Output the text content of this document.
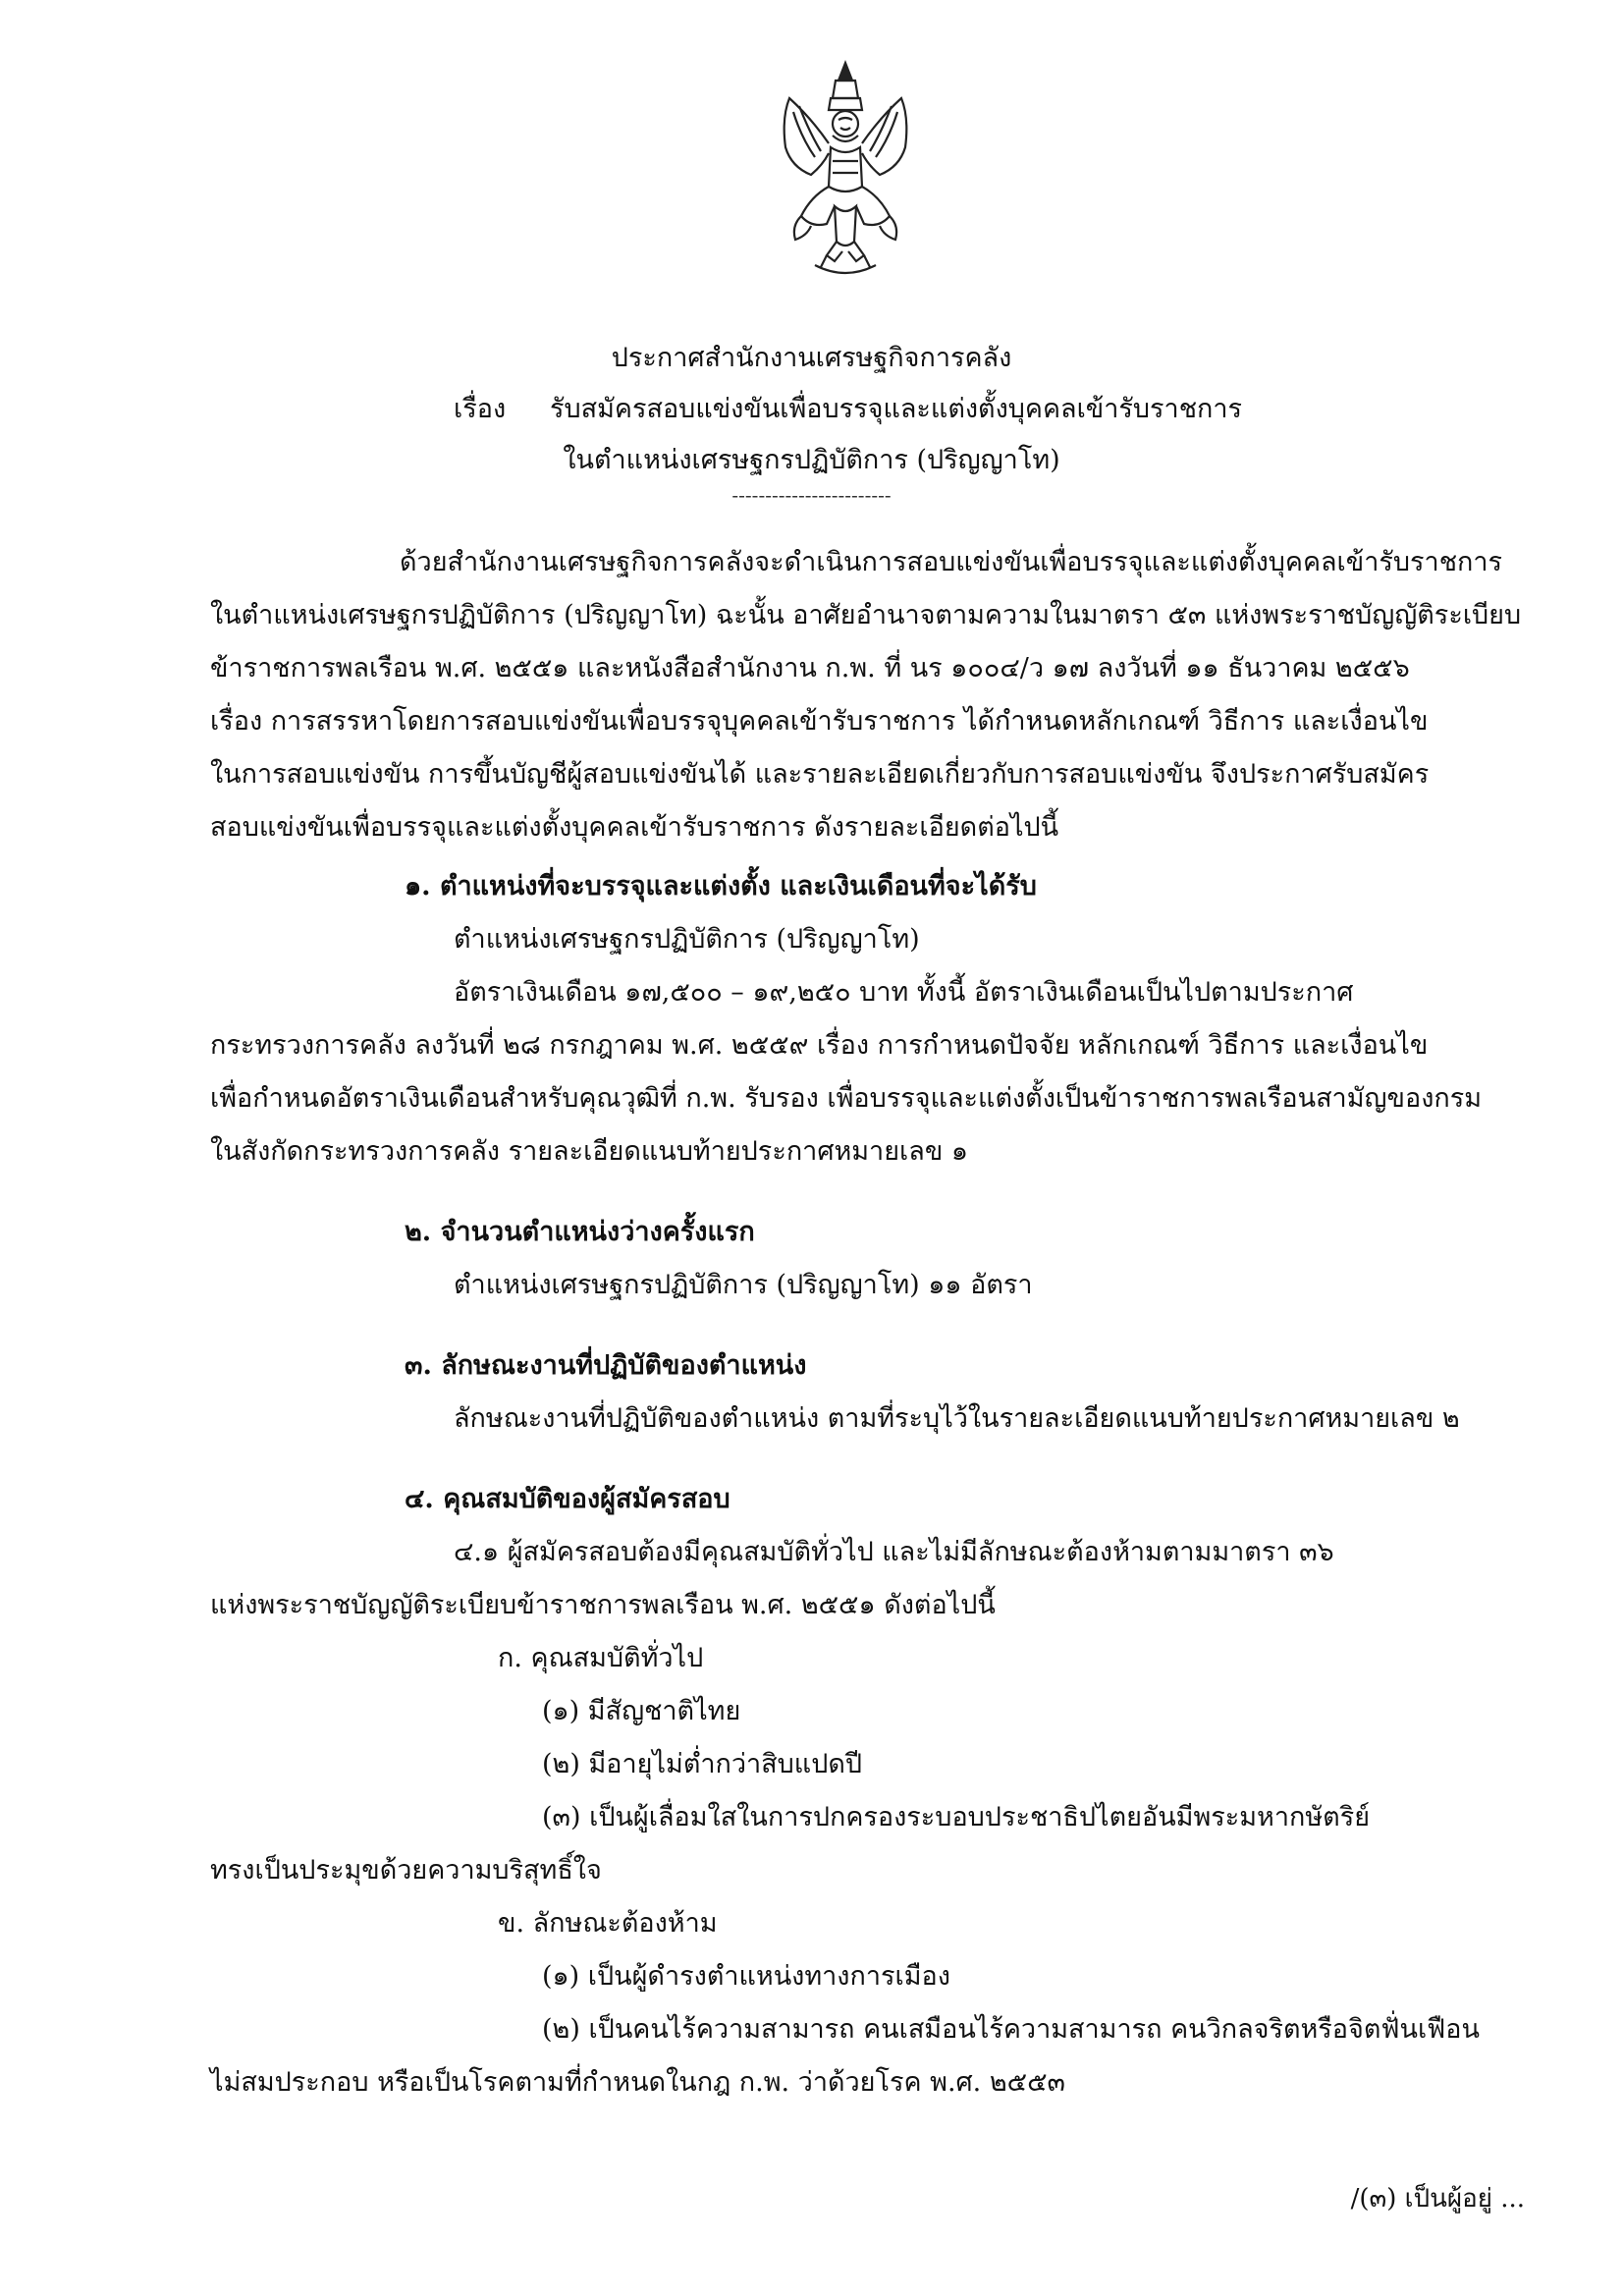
ประกาศสำนักงานเศรษฐกิจการคลัง
เรื่อง รับสมัครสอบแข่งขันเพื่อบรรจุและแต่งตั้งบุคคลเข้ารับราชการ
ในตำแหน่งเศรษฐกรปฏิบัติการ (ปริญญาโท)
------------------------
ด้วยสำนักงานเศรษฐกิจการคลังจะดำเนินการสอบแข่งขันเพื่อบรรจุและแต่งตั้งบุคคลเข้ารับราชการ
ในตำแหน่งเศรษฐกรปฏิบัติการ (ปริญญาโท) ฉะนั้น อาศัยอำนาจตามความในมาตรา ๕๓ แห่งพระราชบัญญัติระเบียบ
ข้าราชการพลเรือน พ.ศ. ๒๕๕๑ และหนังสือสำนักงาน ก.พ. ที่ นร ๑๐๐๔/ว ๑๗ ลงวันที่ ๑๑ ธันวาคม ๒๕๕๖
เรื่อง การสรรหาโดยการสอบแข่งขันเพื่อบรรจุบุคคลเข้ารับราชการ ได้กำหนดหลักเกณฑ์ วิธีการ และเงื่อนไข
ในการสอบแข่งขัน การขึ้นบัญชีผู้สอบแข่งขันได้ และรายละเอียดเกี่ยวกับการสอบแข่งขัน จึงประกาศรับสมัคร
สอบแข่งขันเพื่อบรรจุและแต่งตั้งบุคคลเข้ารับราชการ ดังรายละเอียดต่อไปนี้
๑. ตำแหน่งที่จะบรรจุและแต่งตั้ง และเงินเดือนที่จะได้รับ
ตำแหน่งเศรษฐกรปฏิบัติการ (ปริญญาโท)
อัตราเงินเดือน ๑๗,๕๐๐ – ๑๙,๒๕๐ บาท ทั้งนี้ อัตราเงินเดือนเป็นไปตามประกาศ
กระทรวงการคลัง ลงวันที่ ๒๘ กรกฎาคม พ.ศ. ๒๕๕๙ เรื่อง การกำหนดปัจจัย หลักเกณฑ์ วิธีการ และเงื่อนไข
เพื่อกำหนดอัตราเงินเดือนสำหรับคุณวุฒิที่ ก.พ. รับรอง เพื่อบรรจุและแต่งตั้งเป็นข้าราชการพลเรือนสามัญของกรม
ในสังกัดกระทรวงการคลัง รายละเอียดแนบท้ายประกาศหมายเลข ๑
๒. จำนวนตำแหน่งว่างครั้งแรก
ตำแหน่งเศรษฐกรปฏิบัติการ (ปริญญาโท) ๑๑ อัตรา
๓. ลักษณะงานที่ปฏิบัติของตำแหน่ง
ลักษณะงานที่ปฏิบัติของตำแหน่ง ตามที่ระบุไว้ในรายละเอียดแนบท้ายประกาศหมายเลข ๒
๔. คุณสมบัติของผู้สมัครสอบ
๔.๑ ผู้สมัครสอบต้องมีคุณสมบัติทั่วไป และไม่มีลักษณะต้องห้ามตามมาตรา ๓๖
แห่งพระราชบัญญัติระเบียบข้าราชการพลเรือน พ.ศ. ๒๕๕๑ ดังต่อไปนี้
ก. คุณสมบัติทั่วไป
(๑) มีสัญชาติไทย
(๒) มีอายุไม่ต่ำกว่าสิบแปดปี
(๓) เป็นผู้เลื่อมใสในการปกครองระบอบประชาธิปไตยอันมีพระมหากษัตริย์
ทรงเป็นประมุขด้วยความบริสุทธิ์ใจ
ข. ลักษณะต้องห้าม
(๑) เป็นผู้ดำรงตำแหน่งทางการเมือง
(๒) เป็นคนไร้ความสามารถ คนเสมือนไร้ความสามารถ คนวิกลจริตหรือจิตฟั่นเฟือน
ไม่สมประกอบ หรือเป็นโรคตามที่กำหนดในกฎ ก.พ. ว่าด้วยโรค พ.ศ. ๒๕๕๓
/(๓) เป็นผู้อยู่ ...
